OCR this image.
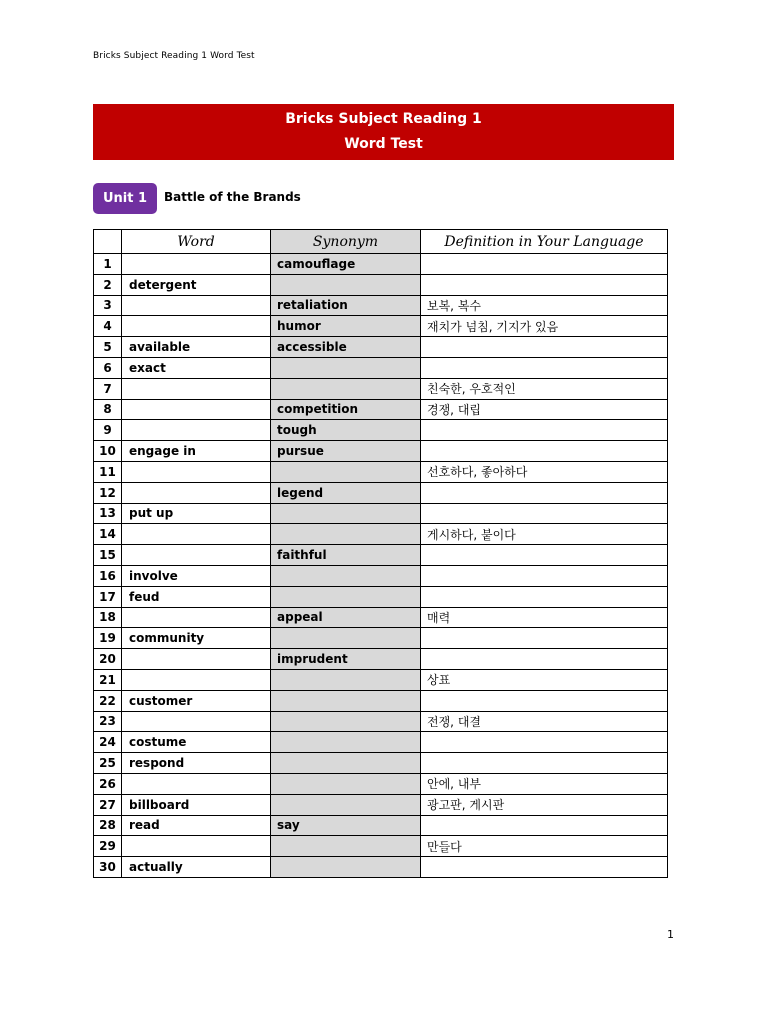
Bricks Subject Reading 1 Word Test
Bricks Subject Reading 1
Word Test
Unit 1	Battle of the Brands
	Word	Synonym	Definition in Your Language
1		camouflage	
2	detergent		
3		retaliation	보복, 복수
4		humor	재치가 넘침, 기지가 있음
5	available	accessible	
6	exact		
7			친숙한, 우호적인
8		competition	경쟁, 대립
9		tough	
10	engage in	pursue	
11			선호하다, 좋아하다
12		legend	
13	put up		
14			게시하다, 붙이다
15		faithful	
16	involve		
17	feud		
18		appeal	매력
19	community		
20		imprudent	
21			상표
22	customer		
23			전쟁, 대결
24	costume		
25	respond		
26			안에, 내부
27	billboard		광고판, 게시판
28	read	say	
29			만들다
30	actually		
1
